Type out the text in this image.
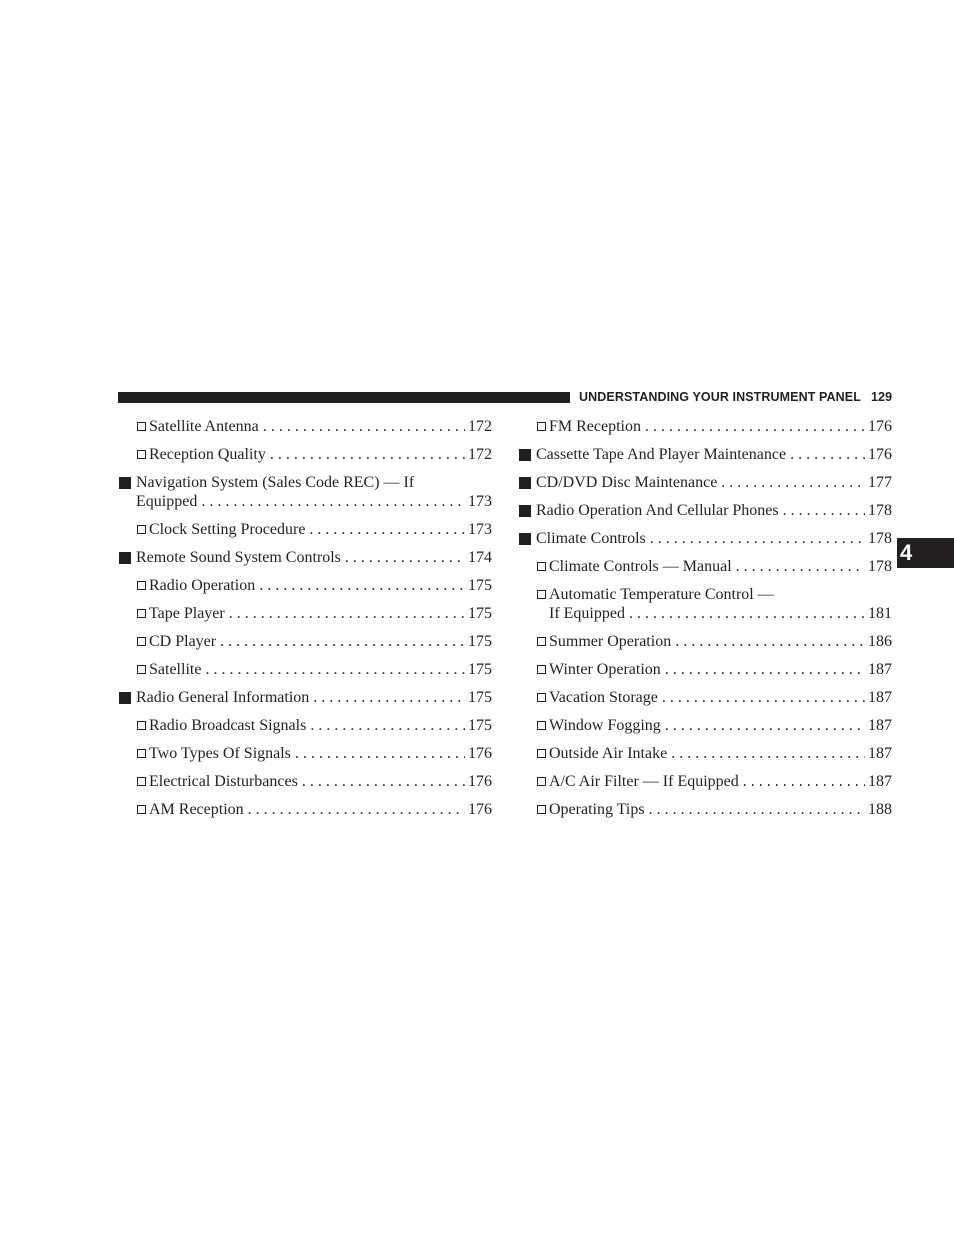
UNDERSTANDING YOUR INSTRUMENT PANEL 129
4
Satellite Antenna . . .	172
Reception Quality . . .	172
Navigation System (Sales Code REC) — If
Equipped . . .	173
Clock Setting Procedure . . .	173
Remote Sound System Controls . . .	174
Radio Operation . . .	175
Tape Player . . .	175
CD Player . . .	175
Satellite . . .	175
Radio General Information . . .	175
Radio Broadcast Signals . . .	175
Two Types Of Signals . . .	176
Electrical Disturbances . . .	176
AM Reception . . .	176
FM Reception . . .	176
Cassette Tape And Player Maintenance . . .	176
CD/DVD Disc Maintenance . . .	177
Radio Operation And Cellular Phones . . .	178
Climate Controls . . .	178
Climate Controls — Manual . . .	178
Automatic Temperature Control —
If Equipped . . .	181
Summer Operation . . .	186
Winter Operation . . .	187
Vacation Storage . . .	187
Window Fogging . . .	187
Outside Air Intake . . .	187
A/C Air Filter — If Equipped . . .	187
Operating Tips . . .	188
